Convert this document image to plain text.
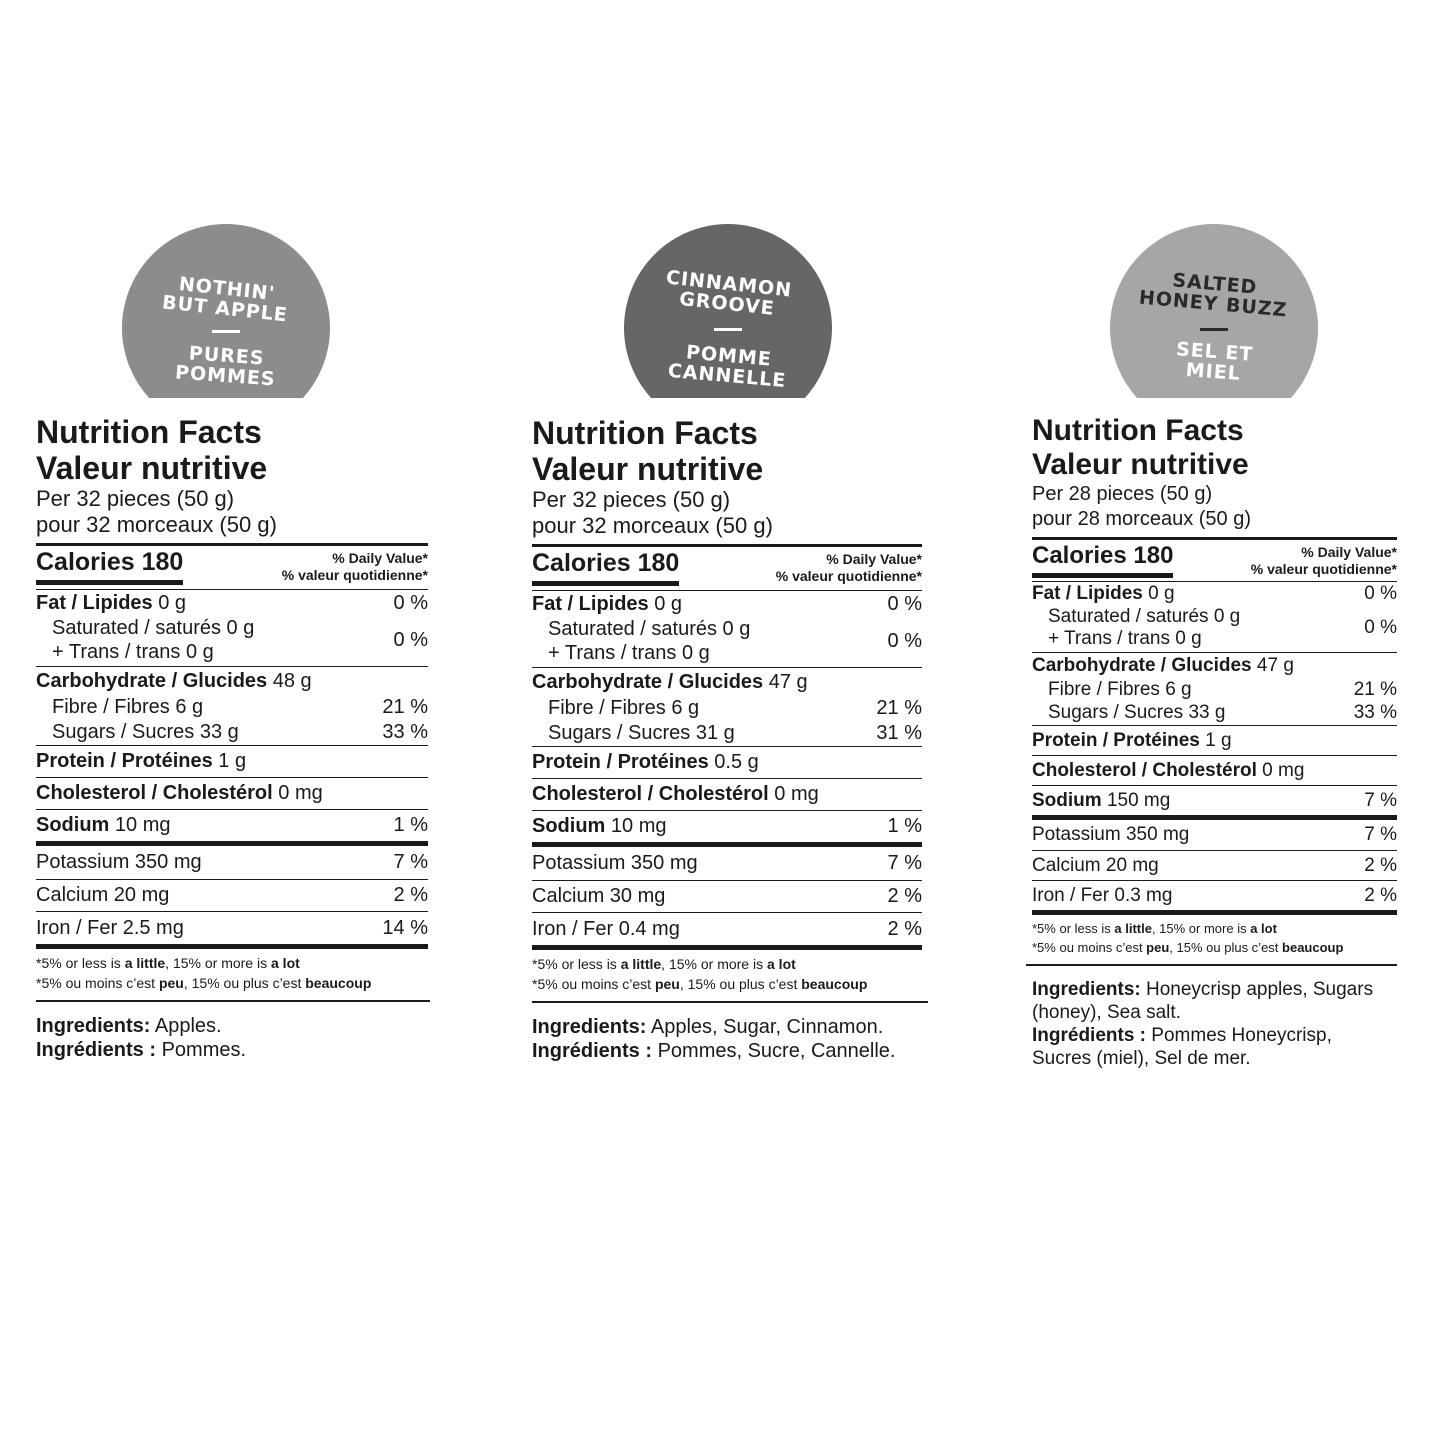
NOTHIN'
BUT APPLE
PURES
POMMES
Nutrition Facts
Valeur nutritive
Per 32 pieces (50 g)
pour 32 morceaux (50 g)
Calories 180	% Daily Value*
% valeur quotidienne*
Fat / Lipides 0 g	0 %
Saturated / saturés 0 g
+ Trans / trans 0 g
0 %
Carbohydrate / Glucides 48 g
Fibre / Fibres 6 g	21 %
Sugars / Sucres 33 g	33 %
Protein / Protéines 1 g
Cholesterol / Cholestérol 0 mg
Sodium 10 mg	1 %
Potassium 350 mg	7 %
Calcium 20 mg	2 %
Iron / Fer 2.5 mg	14 %
*5% or less is a little, 15% or more is a lot
*5% ou moins c’est peu, 15% ou plus c’est beaucoup
Ingredients: Apples.
Ingrédients : Pommes.
CINNAMON
GROOVE
POMME
CANNELLE
Nutrition Facts
Valeur nutritive
Per 32 pieces (50 g)
pour 32 morceaux (50 g)
Calories 180	% Daily Value*
% valeur quotidienne*
Fat / Lipides 0 g	0 %
Saturated / saturés 0 g
+ Trans / trans 0 g
0 %
Carbohydrate / Glucides 47 g
Fibre / Fibres 6 g	21 %
Sugars / Sucres 31 g	31 %
Protein / Protéines 0.5 g
Cholesterol / Cholestérol 0 mg
Sodium 10 mg	1 %
Potassium 350 mg	7 %
Calcium 30 mg	2 %
Iron / Fer 0.4 mg	2 %
*5% or less is a little, 15% or more is a lot
*5% ou moins c’est peu, 15% ou plus c’est beaucoup
Ingredients: Apples, Sugar, Cinnamon.
Ingrédients : Pommes, Sucre, Cannelle.
SALTED
HONEY BUZZ
SEL ET
MIEL
Nutrition Facts
Valeur nutritive
Per 28 pieces (50 g)
pour 28 morceaux (50 g)
Calories 180	% Daily Value*
% valeur quotidienne*
Fat / Lipides 0 g	0 %
Saturated / saturés 0 g
+ Trans / trans 0 g
0 %
Carbohydrate / Glucides 47 g
Fibre / Fibres 6 g	21 %
Sugars / Sucres 33 g	33 %
Protein / Protéines 1 g
Cholesterol / Cholestérol 0 mg
Sodium 150 mg	7 %
Potassium 350 mg	7 %
Calcium 20 mg	2 %
Iron / Fer 0.3 mg	2 %
*5% or less is a little, 15% or more is a lot
*5% ou moins c’est peu, 15% ou plus c’est beaucoup
Ingredients: Honeycrisp apples, Sugars (honey), Sea salt.
Ingrédients : Pommes Honeycrisp, Sucres (miel), Sel de mer.
